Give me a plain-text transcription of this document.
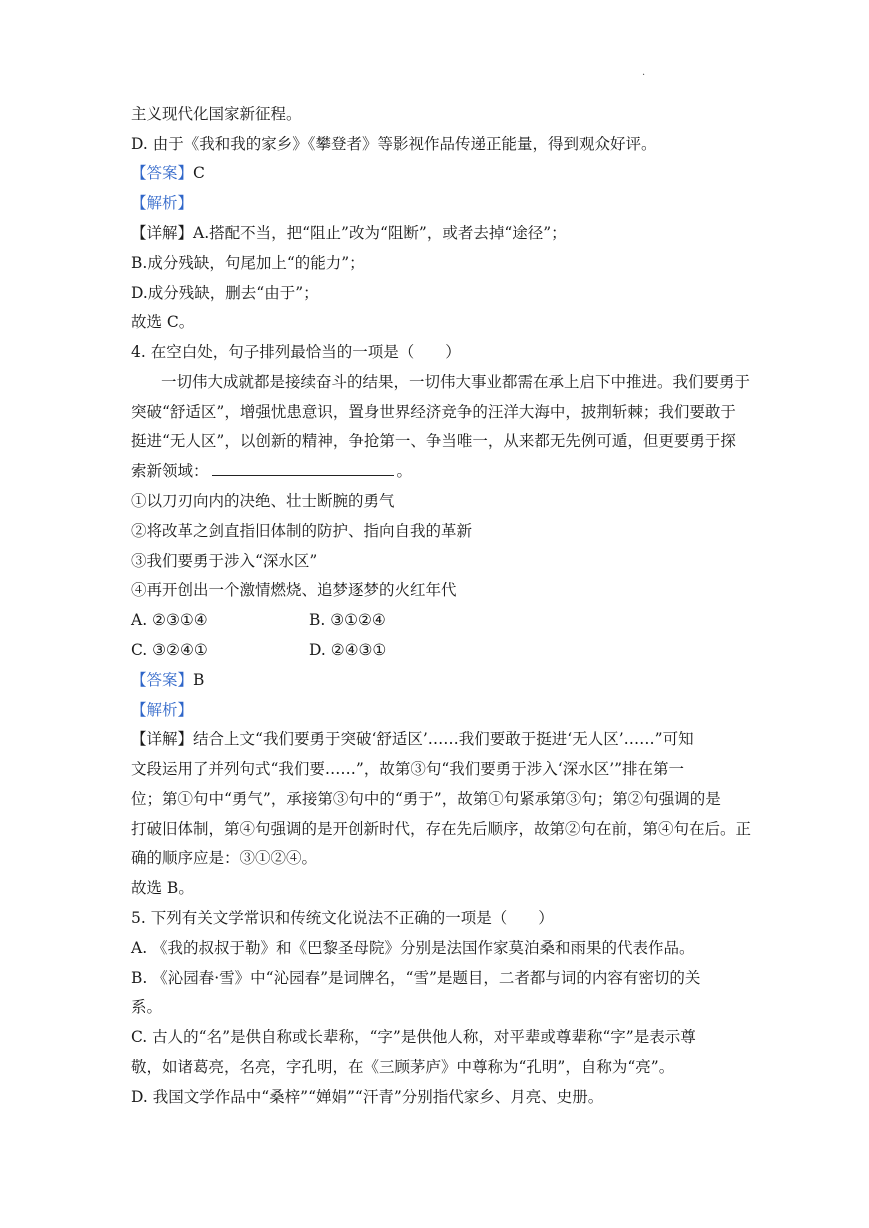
·
主义现代化国家新征程。
D. 由于《我和我的家乡》《攀登者》等影视作品传递正能量，得到观众好评。
【答案】C
【解析】
【详解】A.搭配不当，把“阻止”改为“阻断”，或者去掉“途径”；
B.成分残缺，句尾加上“的能力”；
D.成分残缺，删去“由于”；
故选 C。
4. 在空白处，句子排列最恰当的一项是（　　）
一切伟大成就都是接续奋斗的结果，一切伟大事业都需在承上启下中推进。我们要勇于
突破“舒适区”，增强忧患意识，置身世界经济竞争的汪洋大海中，披荆斩棘；我们要敢于
挺进“无人区”，以创新的精神，争抢第一、争当唯一，从来都无先例可遁，但更要勇于探
索新领域：	。
①以刀刃向内的决绝、壮士断腕的勇气
②将改革之剑直指旧体制的防护、指向自我的革新
③我们要勇于涉入“深水区”
④再开创出一个激情燃烧、追梦逐梦的火红年代
A. ②③①④	B. ③①②④
C. ③②④①	D. ②④③①
【答案】B
【解析】
【详解】结合上文“我们要勇于突破‘舒适区’……我们要敢于挺进‘无人区’……”可知
文段运用了并列句式“我们要……”，故第③句“我们要勇于涉入‘深水区’”排在第一
位；第①句中“勇气”，承接第③句中的“勇于”，故第①句紧承第③句；第②句强调的是
打破旧体制，第④句强调的是开创新时代，存在先后顺序，故第②句在前，第④句在后。正
确的顺序应是：③①②④。
故选 B。
5. 下列有关文学常识和传统文化说法不正确的一项是（　　）
A. 《我的叔叔于勒》和《巴黎圣母院》分别是法国作家莫泊桑和雨果的代表作品。
B. 《沁园春·雪》中“沁园春”是词牌名，“雪”是题目，二者都与词的内容有密切的关
系。
C. 古人的“名”是供自称或长辈称，“字”是供他人称，对平辈或尊辈称“字”是表示尊
敬，如诸葛亮，名亮，字孔明，在《三顾茅庐》中尊称为“孔明”，自称为“亮”。
D. 我国文学作品中“桑梓”“婵娟”“汗青”分别指代家乡、月亮、史册。
